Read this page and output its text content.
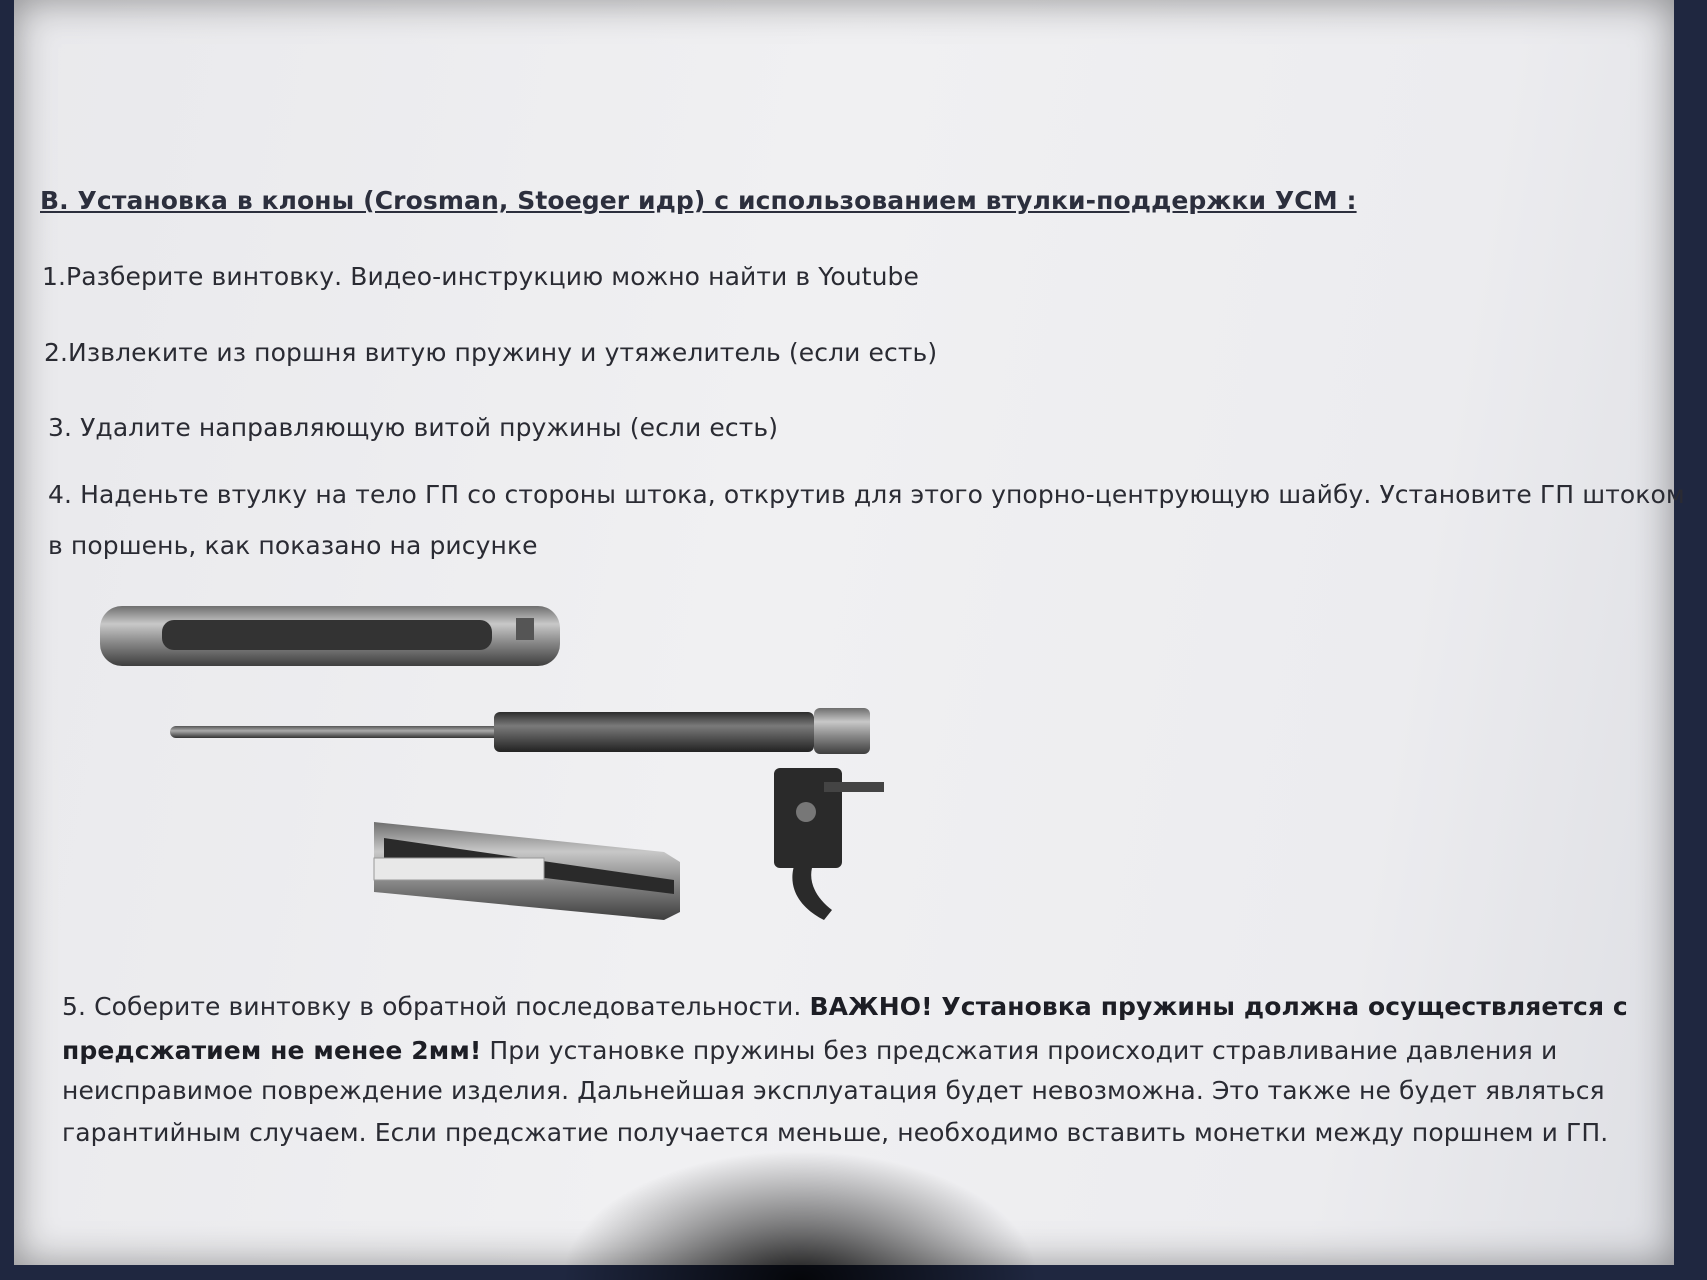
B. Установка в клоны (Crosman, Stoeger идр) с использованием втулки-поддержки УСМ :
1.Разберите винтовку. Видео-инструкцию можно найти в Youtube
2.Извлеките из поршня витую пружину и утяжелитель (если есть)
3. Удалите направляющую витой пружины (если есть)
4. Наденьте втулку на тело ГП со стороны штока, открутив для этого упорно-центрующую шайбу. Установите ГП штоком
в поршень, как показано на рисунке
5. Соберите винтовку в обратной последовательности. ВАЖНО! Установка пружины должна осуществляется с
предсжатием не менее 2мм! При установке пружины без предсжатия происходит стравливание давления и
неисправимое повреждение изделия. Дальнейшая эксплуатация будет невозможна. Это также не будет являться
гарантийным случаем. Если предсжатие получается меньше, необходимо вставить монетки между поршнем и ГП.
